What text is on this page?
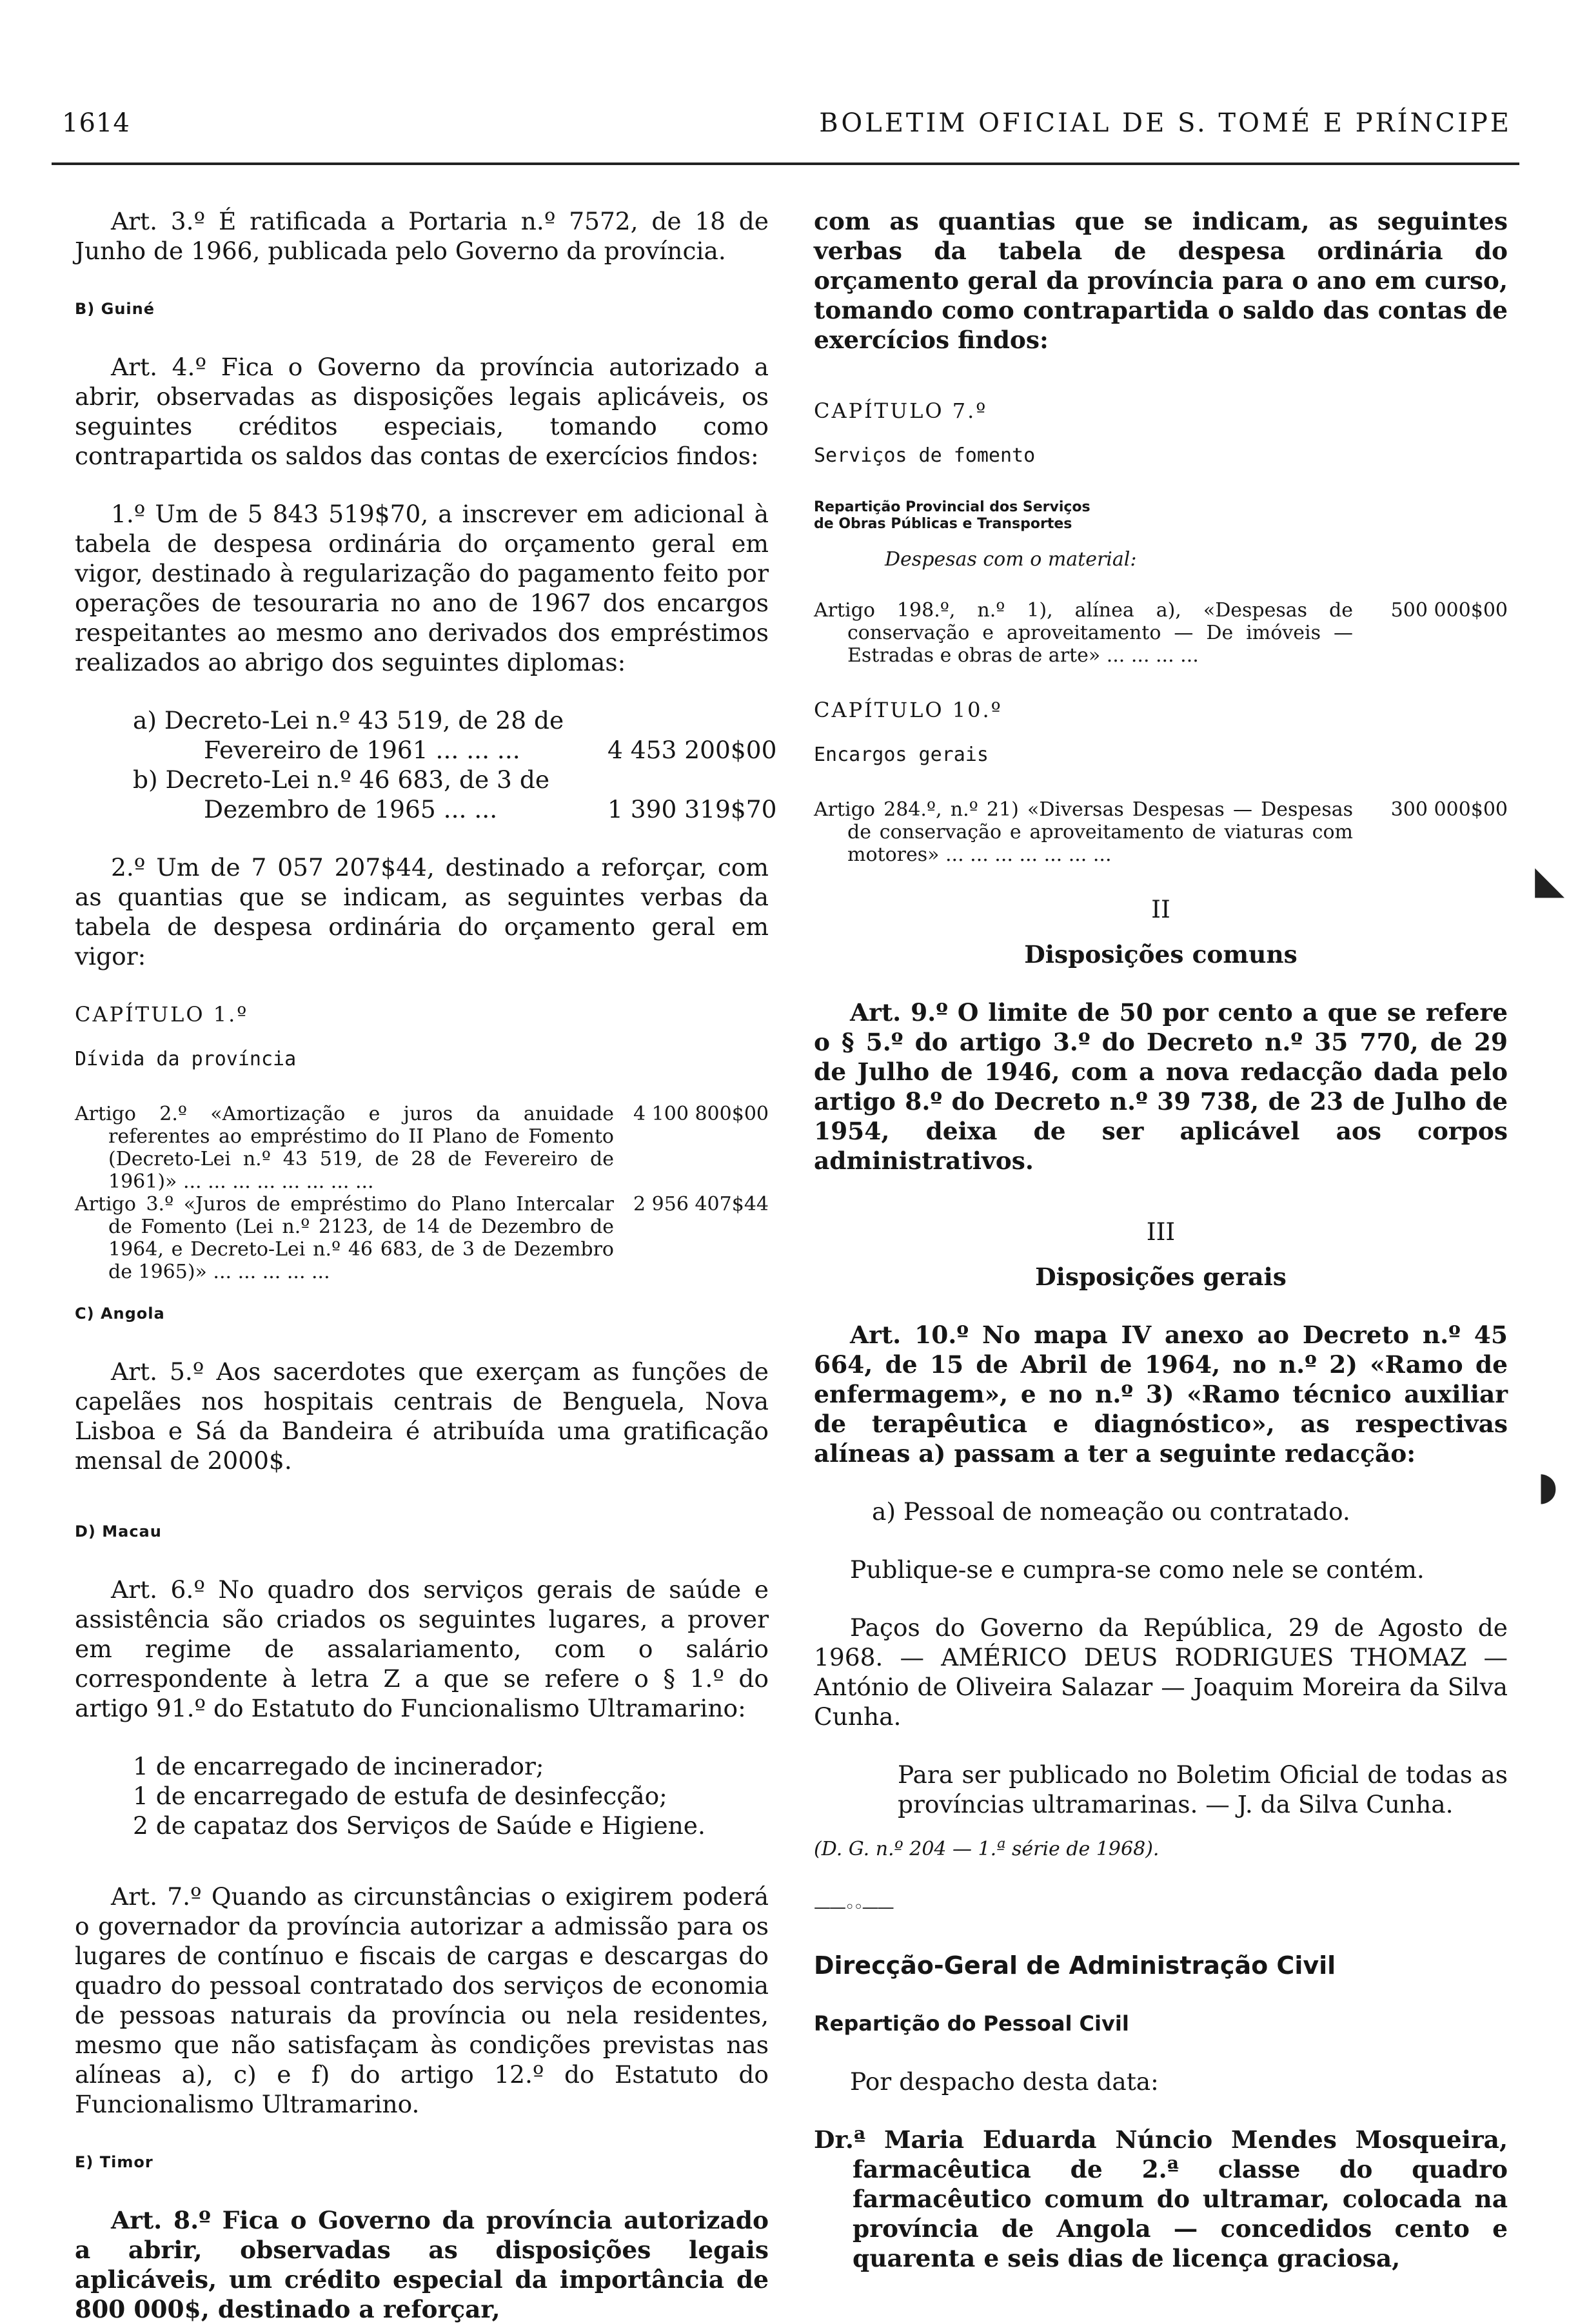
1614	BOLETIM OFICIAL DE S. TOMÉ E PRÍNCIPE

Art. 3.º É ratificada a Portaria n.º 7572, de 18 de Junho de 1966, publicada pelo Governo da província.

B) Guiné

Art. 4.º Fica o Governo da província autorizado a abrir, observadas as disposições legais aplicáveis, os seguintes créditos especiais, tomando como contrapartida os saldos das contas de exercícios findos:

1.º Um de 5 843 519$70, a inscrever em adicional à tabela de despesa ordinária do orçamento geral em vigor, destinado à regularização do pagamento feito por operações de tesouraria no ano de 1967 dos encargos respeitantes ao mesmo ano derivados dos empréstimos realizados ao abrigo dos seguintes diplomas:

a) Decreto-Lei n.º 43 519, de 28 de
Fevereiro de 1961 ... ... ...	4 453 200$00
b) Decreto-Lei n.º 46 683, de 3 de
Dezembro de 1965 ... ...	1 390 319$70

2.º Um de 7 057 207$44, destinado a reforçar, com as quantias que se indicam, as seguintes verbas da tabela de despesa ordinária do orçamento geral em vigor:

CAPÍTULO 1.º

Dívida da província

Artigo 2.º «Amortização e juros da anuidade referentes ao empréstimo do II Plano de Fomento (Decreto-Lei n.º 43 519, de 28 de Fevereiro de 1961)» ... ... ... ... ... ... ... ...
4 100 800$00
Artigo 3.º «Juros de empréstimo do Plano Intercalar de Fomento (Lei n.º 2123, de 14 de Dezembro de 1964, e Decreto-Lei n.º 46 683, de 3 de Dezembro de 1965)» ... ... ... ... ...
2 956 407$44

C) Angola

Art. 5.º Aos sacerdotes que exerçam as funções de capelães nos hospitais centrais de Benguela, Nova Lisboa e Sá da Bandeira é atribuída uma gratificação mensal de 2000$.

D) Macau

Art. 6.º No quadro dos serviços gerais de saúde e assistência são criados os seguintes lugares, a prover em regime de assalariamento, com o salário correspondente à letra Z a que se refere o § 1.º do artigo 91.º do Estatuto do Funcionalismo Ultramarino:

1 de encarregado de incinerador;

1 de encarregado de estufa de desinfecção;

2 de capataz dos Serviços de Saúde e Higiene.

Art. 7.º Quando as circunstâncias o exigirem poderá o governador da província autorizar a admissão para os lugares de contínuo e fiscais de cargas e descargas do quadro do pessoal contratado dos serviços de economia de pessoas naturais da província ou nela residentes, mesmo que não satisfaçam às condições previstas nas alíneas a), c) e f) do artigo 12.º do Estatuto do Funcionalismo Ultramarino.

E) Timor

Art. 8.º Fica o Governo da província autorizado a abrir, observadas as disposições legais aplicáveis, um crédito especial da importância de 800 000$, destinado a reforçar,

com as quantias que se indicam, as seguintes verbas da tabela de despesa ordinária do orçamento geral da província para o ano em curso, tomando como contrapartida o saldo das contas de exercícios findos:

CAPÍTULO 7.º

Serviços de fomento

Repartição Provincial dos Serviços

de Obras Públicas e Transportes

Despesas com o material:

Artigo 198.º, n.º 1), alínea a), «Despesas de conservação e aproveitamento — De imóveis — Estradas e obras de arte» ... ... ... ...
500 000$00

CAPÍTULO 10.º

Encargos gerais

Artigo 284.º, n.º 21) «Diversas Despesas — Despesas de conservação e aproveitamento de viaturas com motores» ... ... ... ... ... ... ...
300 000$00

II

Disposições comuns

Art. 9.º O limite de 50 por cento a que se refere o § 5.º do artigo 3.º do Decreto n.º 35 770, de 29 de Julho de 1946, com a nova redacção dada pelo artigo 8.º do Decreto n.º 39 738, de 23 de Julho de 1954, deixa de ser aplicável aos corpos administrativos.

III

Disposições gerais

Art. 10.º No mapa IV anexo ao Decreto n.º 45 664, de 15 de Abril de 1964, no n.º 2) «Ramo de enfermagem», e no n.º 3) «Ramo técnico auxiliar de terapêutica e diagnóstico», as respectivas alíneas a) passam a ter a seguinte redacção:

a) Pessoal de nomeação ou contratado.

Publique-se e cumpra-se como nele se contém.

Paços do Governo da República, 29 de Agosto de 1968. — AMÉRICO DEUS RODRIGUES THOMAZ — António de Oliveira Salazar — Joaquim Moreira da Silva Cunha.

Para ser publicado no Boletim Oficial de todas as províncias ultramarinas. — J. da Silva Cunha.

(D. G. n.º 204 — 1.ª série de 1968).

——◦◦——

Direcção-Geral de Administração Civil

Repartição do Pessoal Civil

Por despacho desta data:

Dr.ª Maria Eduarda Núncio Mendes Mosqueira, farmacêutica de 2.ª classe do quadro farmacêutico comum do ultramar, colocada na província de Angola — concedidos cento e quarenta e seis dias de licença graciosa,

◣
◗
